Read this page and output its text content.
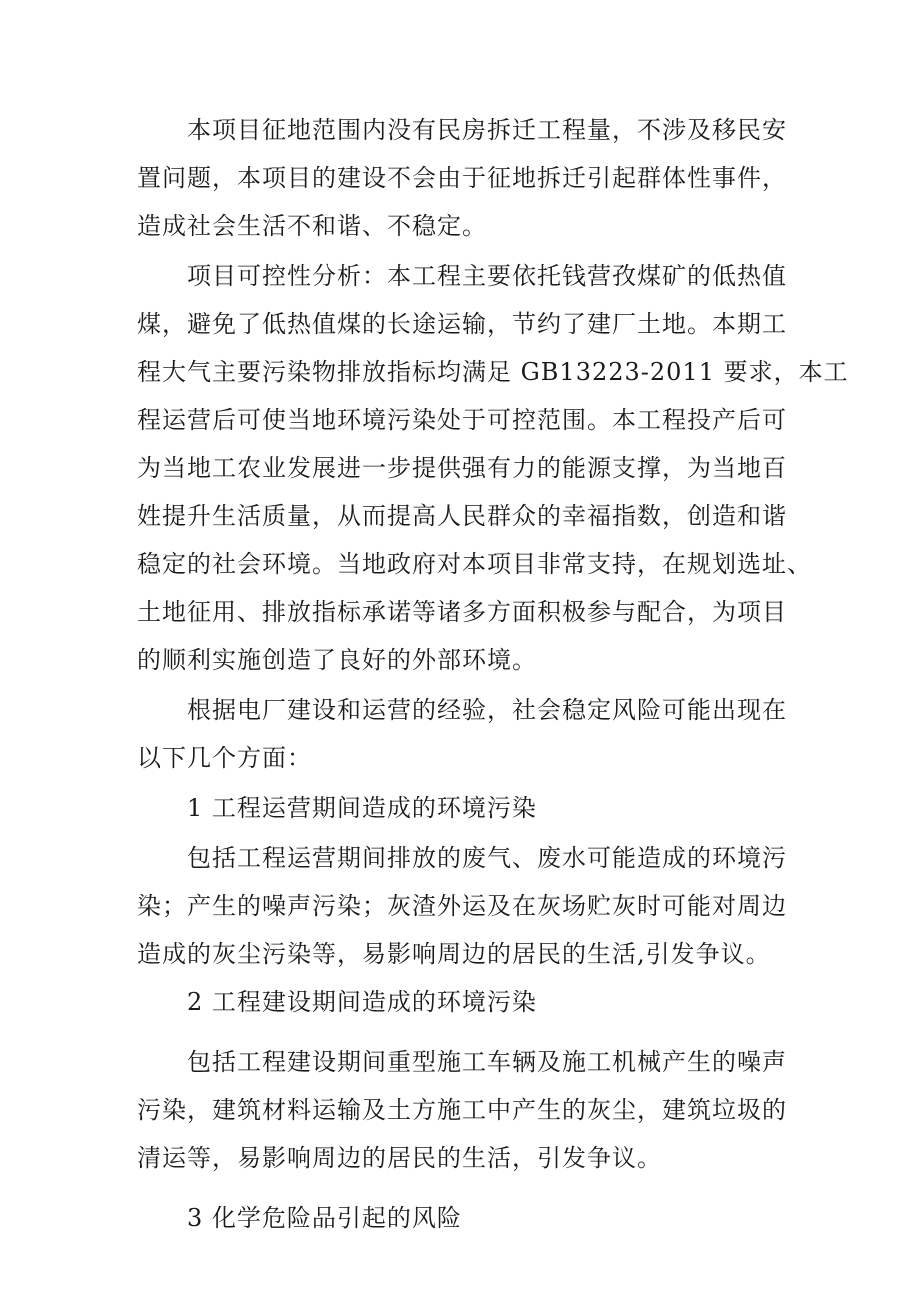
本项目征地范围内没有民房拆迁工程量，不涉及移民安
置问题，本项目的建设不会由于征地拆迁引起群体性事件，
造成社会生活不和谐、不稳定。

项目可控性分析：本工程主要依托钱营孜煤矿的低热值
煤，避免了低热值煤的长途运输，节约了建厂土地。本期工
程大气主要污染物排放指标均满足 GB13223-2011 要求，本工
程运营后可使当地环境污染处于可控范围。本工程投产后可
为当地工农业发展进一步提供强有力的能源支撑，为当地百
姓提升生活质量，从而提高人民群众的幸福指数，创造和谐
稳定的社会环境。当地政府对本项目非常支持，在规划选址、
土地征用、排放指标承诺等诸多方面积极参与配合，为项目
的顺利实施创造了良好的外部环境。

根据电厂建设和运营的经验，社会稳定风险可能出现在
以下几个方面：

1 工程运营期间造成的环境污染

包括工程运营期间排放的废气、废水可能造成的环境污
染；产生的噪声污染；灰渣外运及在灰场贮灰时可能对周边
造成的灰尘污染等，易影响周边的居民的生活,引发争议。

2 工程建设期间造成的环境污染

包括工程建设期间重型施工车辆及施工机械产生的噪声
污染，建筑材料运输及土方施工中产生的灰尘，建筑垃圾的
清运等，易影响周边的居民的生活，引发争议。

3 化学危险品引起的风险
